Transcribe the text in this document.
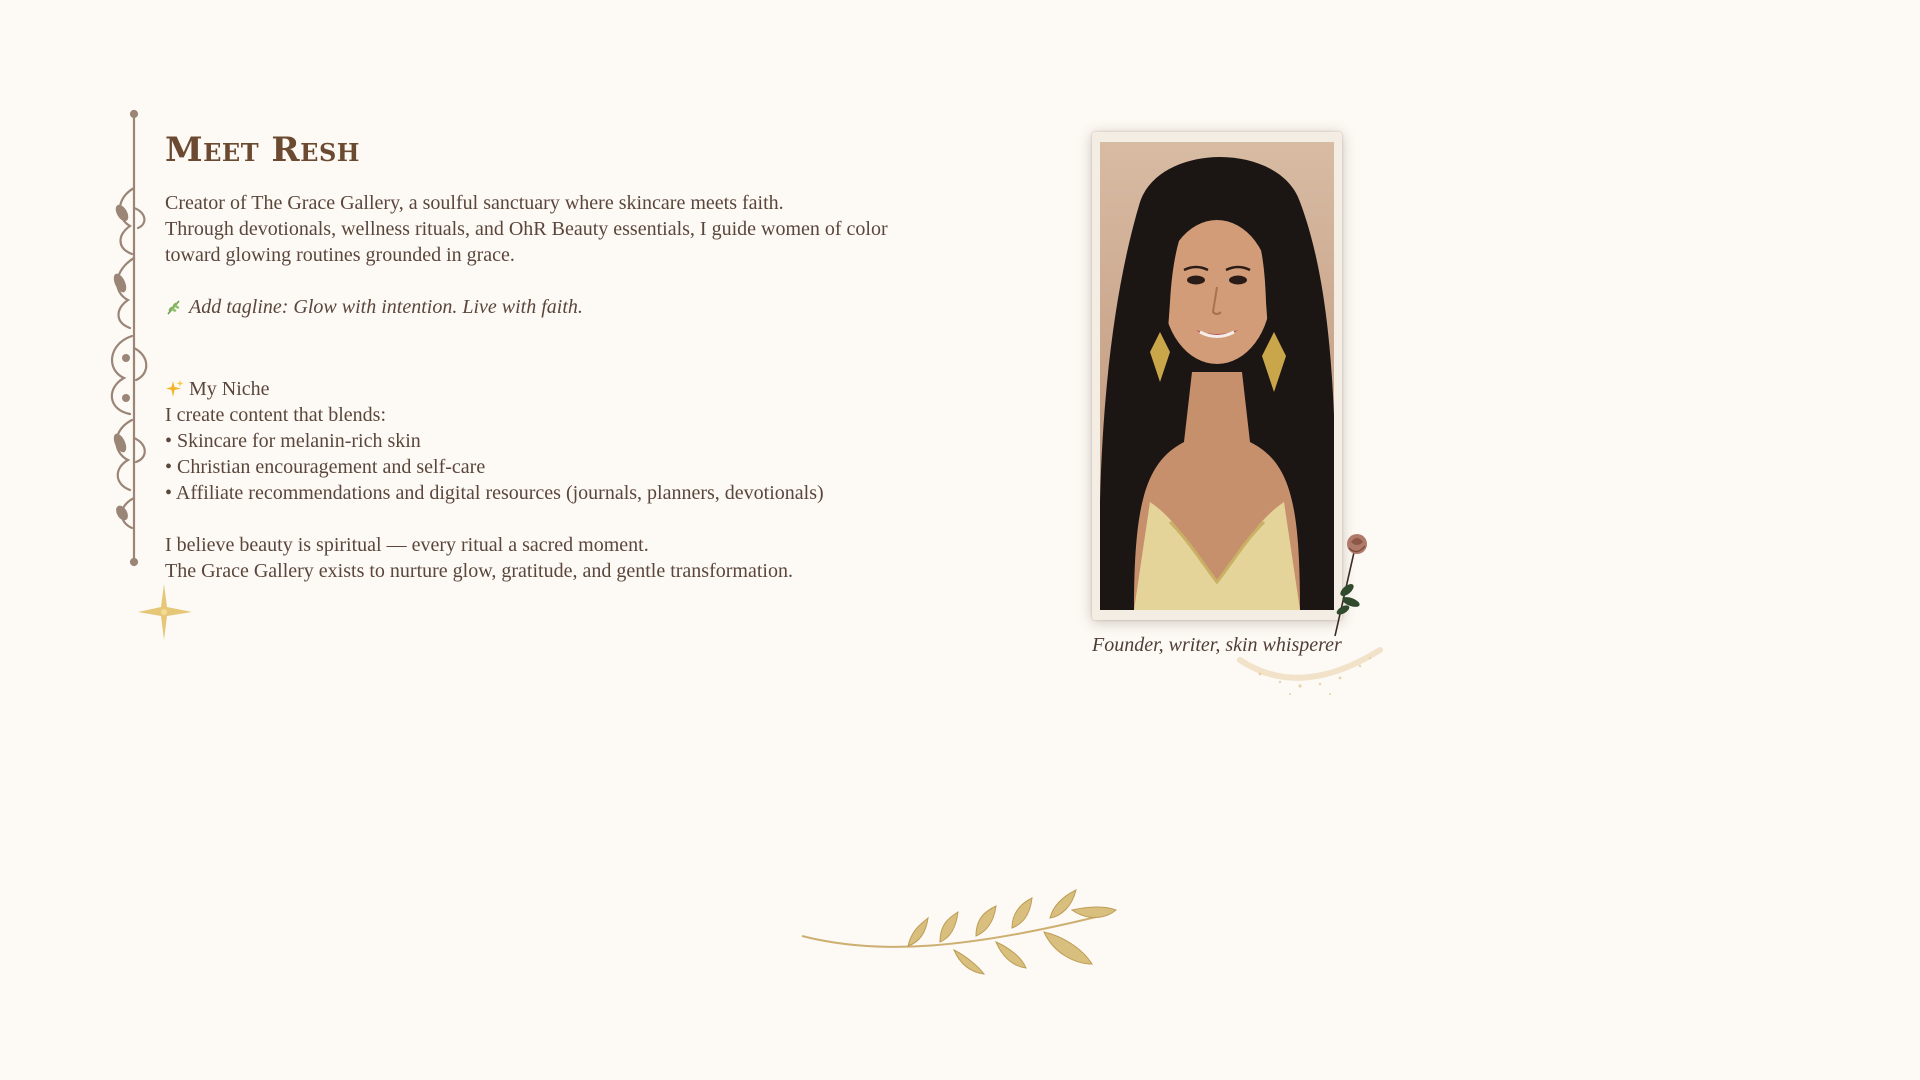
Meet Resh
Creator of The Grace Gallery, a soulful sanctuary where skincare meets faith.
Through devotionals, wellness rituals, and OhR Beauty essentials, I guide women of color
toward glowing routines grounded in grace.
Add tagline: Glow with intention. Live with faith.
My Niche
I create content that blends:
• Skincare for melanin-rich skin
• Christian encouragement and self-care
• Affiliate recommendations and digital resources (journals, planners, devotionals)
I believe beauty is spiritual — every ritual a sacred moment.
The Grace Gallery exists to nurture glow, gratitude, and gentle transformation.
Founder, writer, skin whisperer
